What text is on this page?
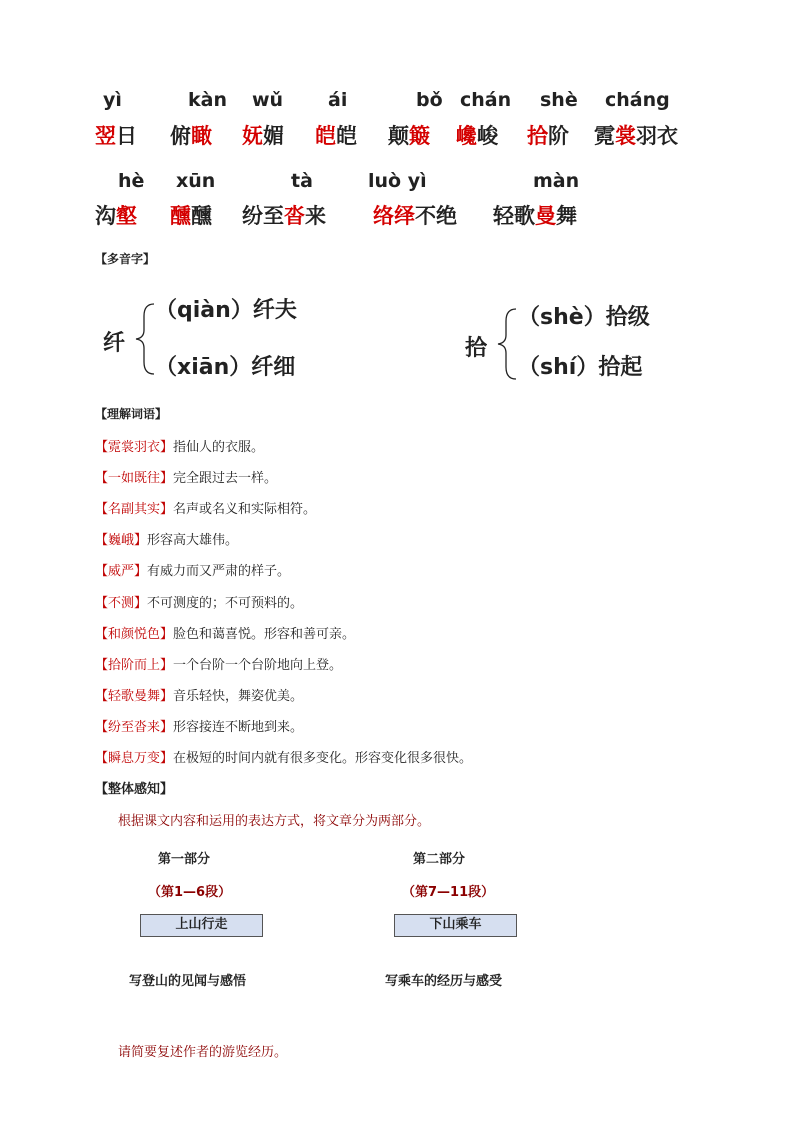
yì	kàn wǔ ái	bǒ chán shè cháng
翌日 俯瞰 妩媚 皑皑 颠簸 巉峻 拾阶 霓裳羽衣
hè xūn	tà	luò yì	màn
沟壑 醺醺 纷至沓来 络绎不绝 轻歌曼舞
【多音字】
纤
（qiàn）纤夫
（xiān）纤细
拾
（shè）拾级
（shí）拾起
【理解词语】
【霓裳羽衣】指仙人的衣服。
【一如既往】完全跟过去一样。
【名副其实】名声或名义和实际相符。
【巍峨】形容高大雄伟。
【威严】有威力而又严肃的样子。
【不测】不可测度的；不可预料的。
【和颜悦色】脸色和蔼喜悦。形容和善可亲。
【拾阶而上】一个台阶一个台阶地向上登。
【轻歌曼舞】音乐轻快，舞姿优美。
【纷至沓来】形容接连不断地到来。
【瞬息万变】在极短的时间内就有很多变化。形容变化很多很快。
【整体感知】
根据课文内容和运用的表达方式，将文章分为两部分。
第一部分
（第1—6段）
上山行走
写登山的见闻与感悟
第二部分
（第7—11段）
下山乘车
写乘车的经历与感受
请简要复述作者的游览经历。
